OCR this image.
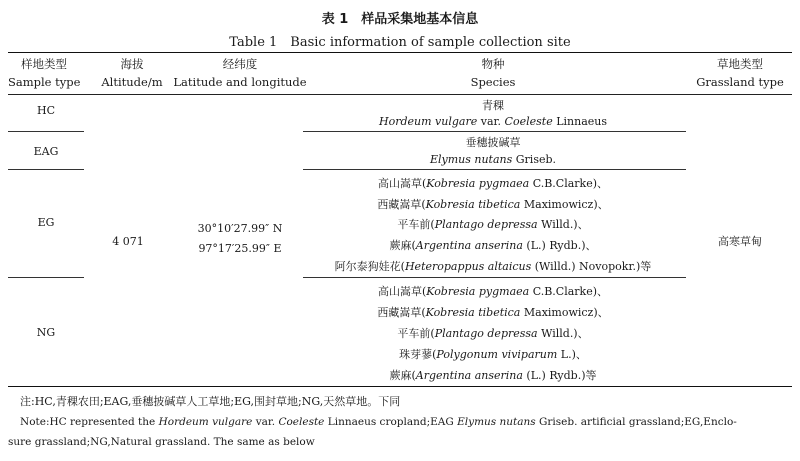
表 1　样品采集地基本信息
Table 1　Basic information of sample collection site
样地类型
Sample type
海拔
Altitude/m
经纬度
Latitude and longitude
物种
Species
草地类型
Grassland type
HC
EAG
EG
NG
4 071
30°10′27.99″ N
97°17′25.99″ E
高寒草甸
青稞
Hordeum vulgare var. Coeleste Linnaeus
垂穗披碱草
Elymus nutans Griseb.
高山嵩草(Kobresia pygmaea C.B.Clarke)、
西藏嵩草(Kobresia tibetica Maximowicz)、
平车前(Plantago depressa Willd.)、
蕨麻(Argentina anserina (L.) Rydb.)、
阿尔泰狗娃花(Heteropappus altaicus (Willd.) Novopokr.)等
高山嵩草(Kobresia pygmaea C.B.Clarke)、
西藏嵩草(Kobresia tibetica Maximowicz)、
平车前(Plantago depressa Willd.)、
珠芽蓼(Polygonum viviparum L.)、
蕨麻(Argentina anserina (L.) Rydb.)等
注:HC,青稞农田;EAG,垂穗披碱草人工草地;EG,围封草地;NG,天然草地。下同
Note:HC represented the Hordeum vulgare var. Coeleste Linnaeus cropland;EAG Elymus nutans Griseb. artificial grassland;EG,Enclo-
sure grassland;NG,Natural grassland. The same as below
